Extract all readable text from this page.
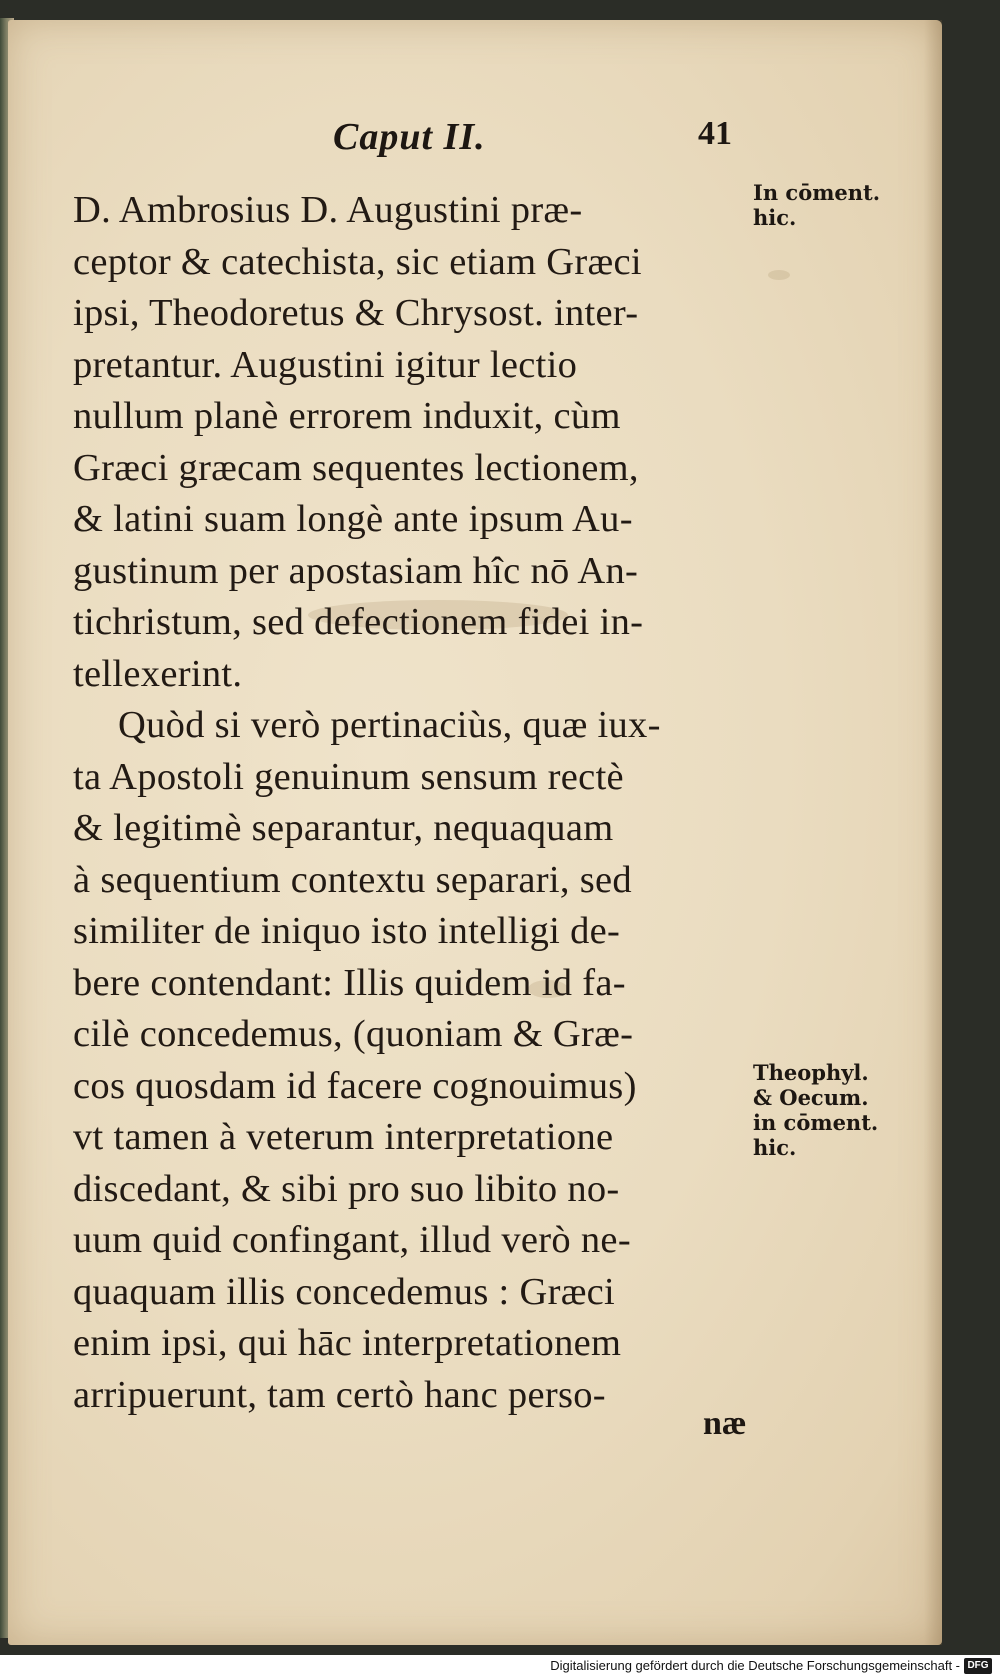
Caput II.	41
D. Ambrosius D. Augustini præ-
ceptor & catechista, sic etiam Græci
ipsi, Theodoretus & Chrysost. inter-
pretantur. Augustini igitur lectio
nullum planè errorem induxit, cùm
Græci græcam sequentes lectionem,
& latini suam longè ante ipsum Au-
gustinum per apostasiam hîc nō An-
tichristum, sed defectionem fidei in-
tellexerint.
Quòd si verò pertinaciùs, quæ iux-
ta Apostoli genuinum sensum rectè
& legitimè separantur, nequaquam
à sequentium contextu separari, sed
similiter de iniquo isto intelligi de-
bere contendant: Illis quidem id fa-
cilè concedemus, (quoniam & Græ-
cos quosdam id facere cognouimus)
vt tamen à veterum interpretatione
discedant, & sibi pro suo libito no-
uum quid confingant, illud verò ne-
quaquam illis concedemus : Græci
enim ipsi, qui hāc interpretationem
arripuerunt, tam certò hanc perso-
In cōment.
hic.
Theophyl.
& Oecum.
in cōment.
hic.
næ
Digitalisierung gefördert durch die Deutsche Forschungsgemeinschaft - DFG
